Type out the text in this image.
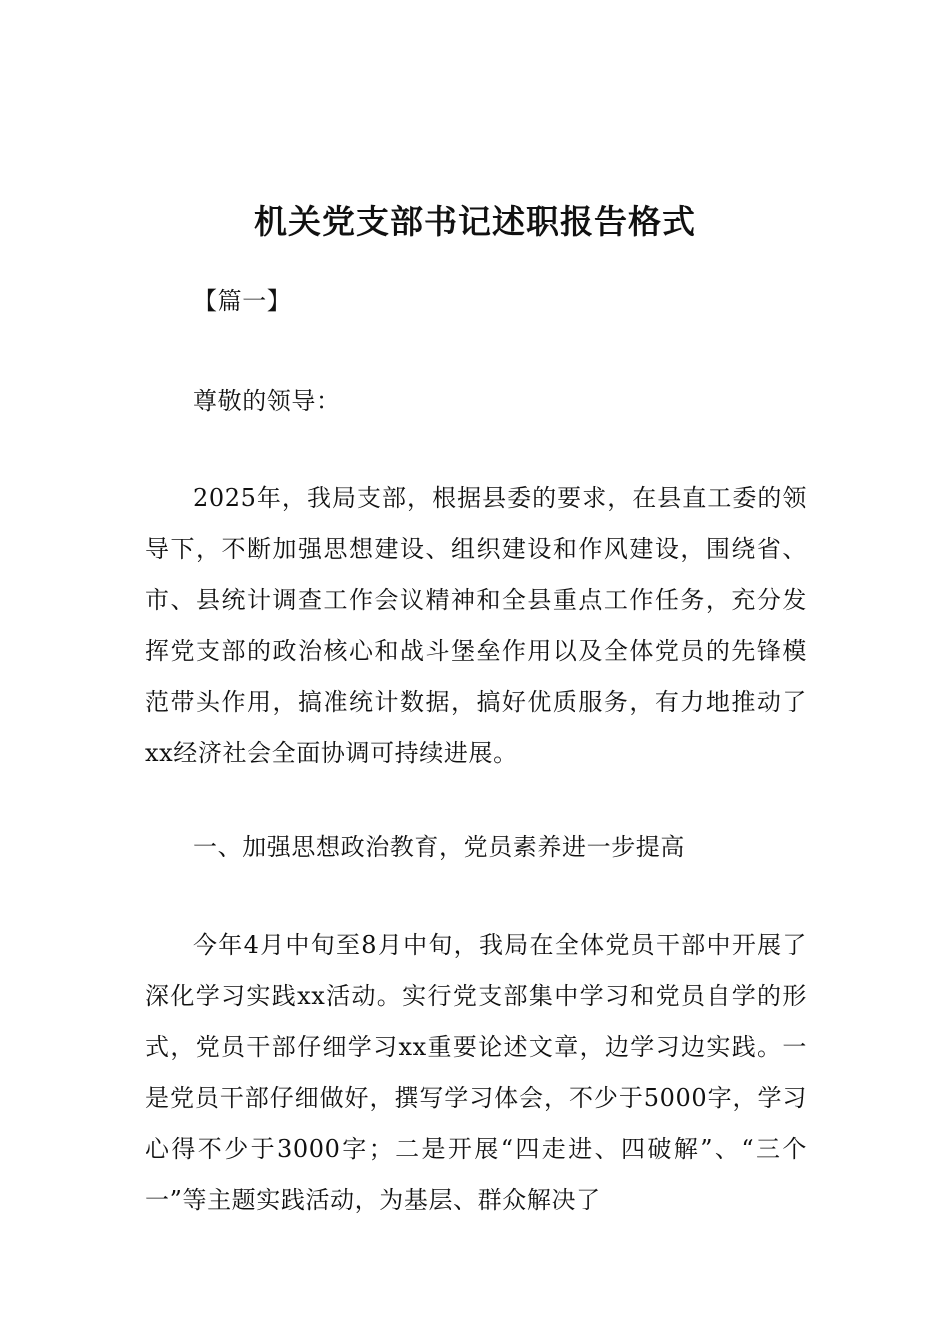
机关党支部书记述职报告格式

【篇一】

尊敬的领导：

2025年，我局支部，根据县委的要求，在县直工委的领导下，不断加强思想建设、组织建设和作风建设，围绕省、市、县统计调查工作会议精神和全县重点工作任务，充分发挥党支部的政治核心和战斗堡垒作用以及全体党员的先锋模范带头作用，搞准统计数据，搞好优质服务，有力地推动了xx经济社会全面协调可持续进展。

一、加强思想政治教育，党员素养进一步提高

今年4月中旬至8月中旬，我局在全体党员干部中开展了深化学习实践xx活动。实行党支部集中学习和党员自学的形式，党员干部仔细学习xx重要论述文章，边学习边实践。一是党员干部仔细做好，撰写学习体会，不少于5000字，学习心得不少于3000字；二是开展“四走进、四破解”、“三个一”等主题实践活动，为基层、群众解决了
